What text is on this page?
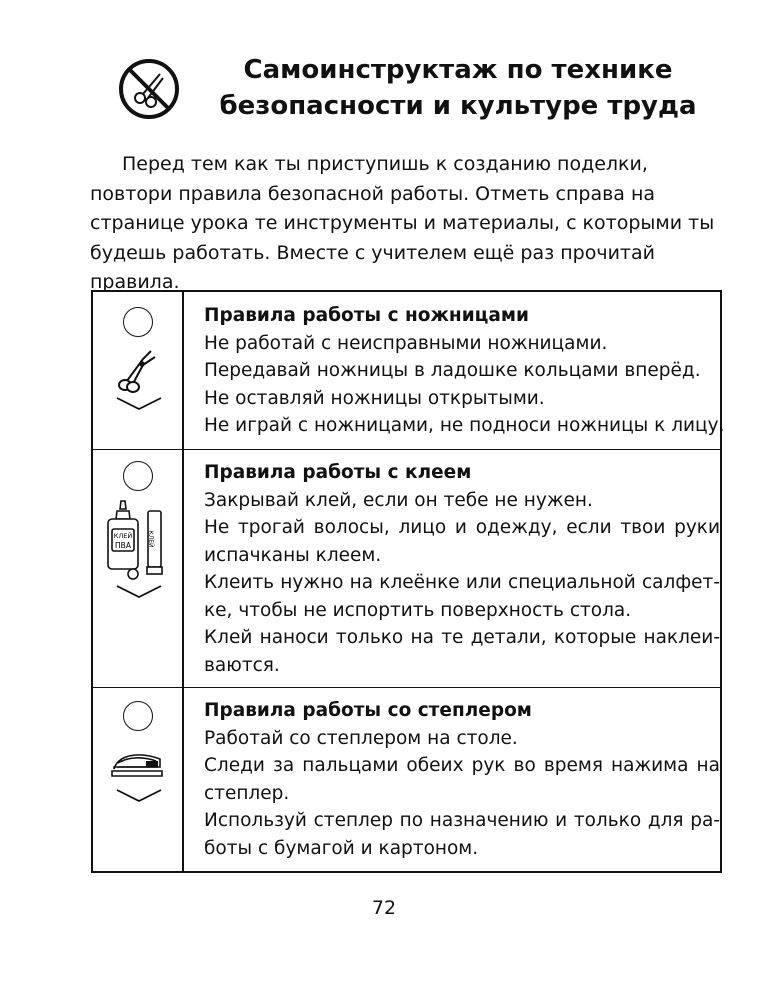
Самоинструктаж по технике
безопасности и культуре труда

Перед тем как ты приступишь к созданию поделки, повтори правила безопасной работы. Отметь справа на странице урока те инструменты и материалы, с которыми ты будешь работать. Вместе с учителем ещё раз прочитай правила.

Правила работы с ножницами

Не работай с неисправными ножницами.

Передавай ножницы в ладошке кольцами вперёд.

Не оставляй ножницы открытыми.

Не играй с ножницами, не подноси ножницы к лицу.

КЛЕЙ
ПВА	КЛЕЙ
Правила работы с клеем

Закрывай клей, если он тебе не нужен.

Не трогай волосы, лицо и одежду, если твои руки испачканы клеем.

Клеить нужно на клеёнке или специальной салфет-ке, чтобы не испортить поверхность стола.

Клей наноси только на те детали, которые наклеи-ваются.

Правила работы со степлером

Работай со степлером на столе.

Следи за пальцами обеих рук во время нажима на степлер.

Используй степлер по назначению и только для ра-боты с бумагой и картоном.

72
